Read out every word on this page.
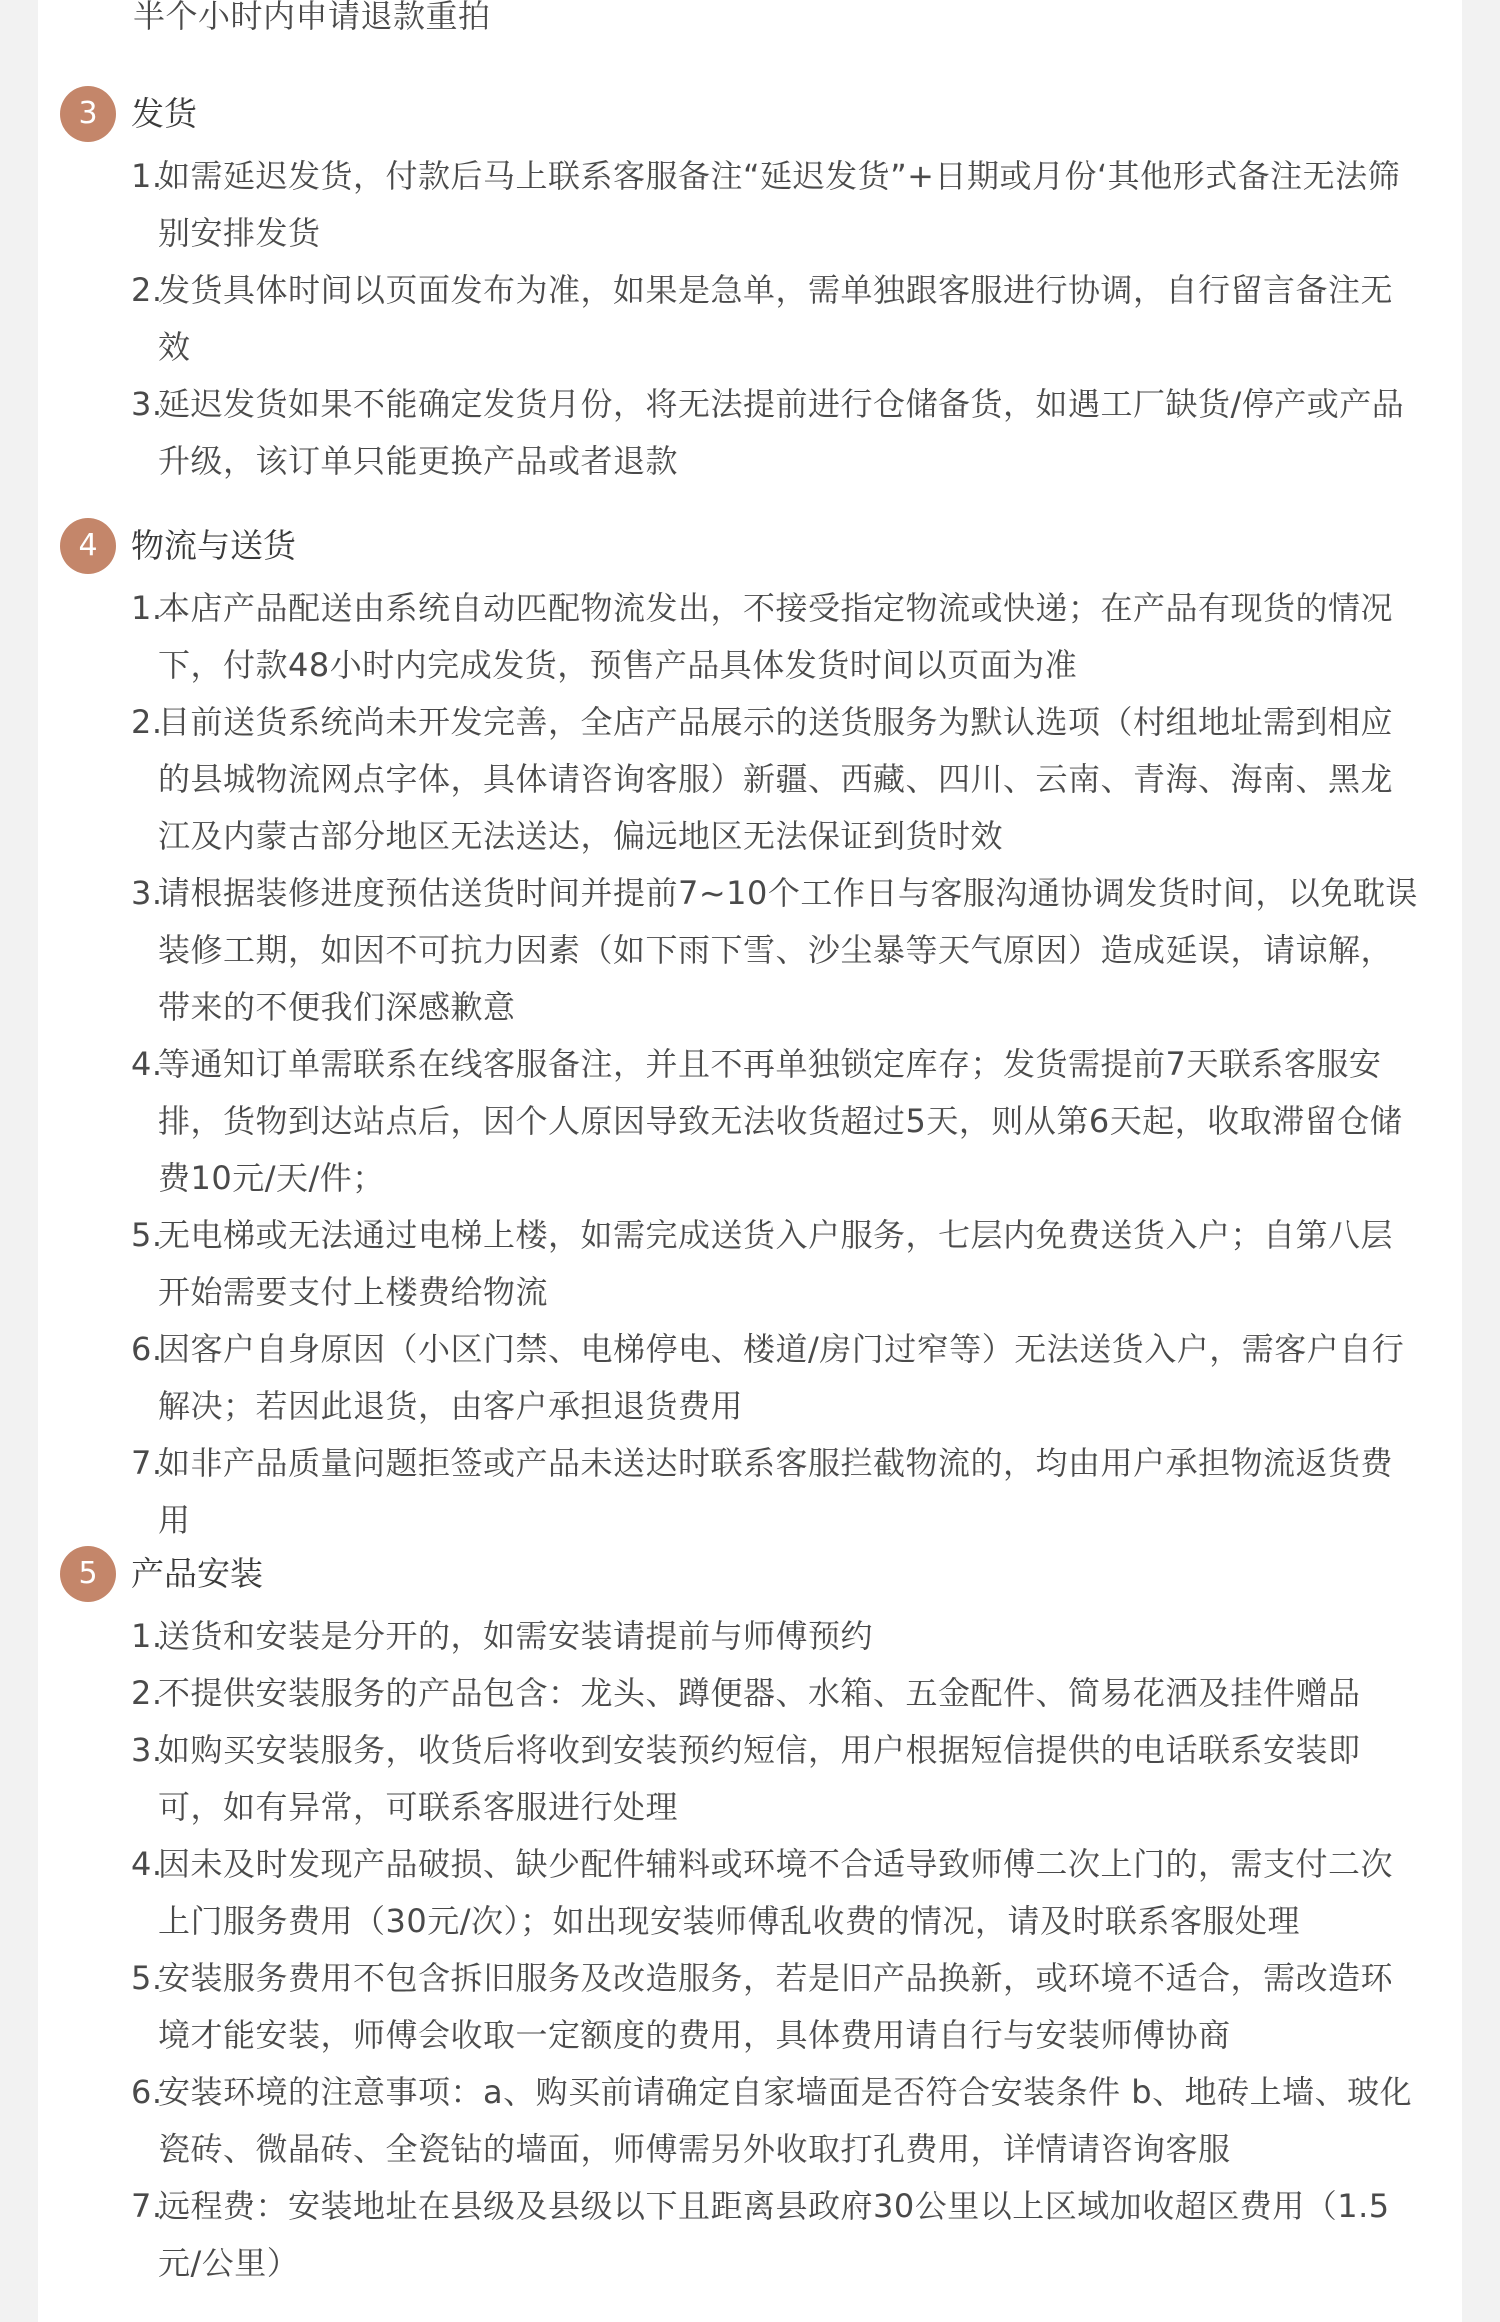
半个小时内申请退款重拍
3	发货
1.
如需延迟发货，付款后马上联系客服备注“延迟发货”+日期或月份‘其他形式备注无法筛别安排发货
2.
发货具体时间以页面发布为准，如果是急单，需单独跟客服进行协调，自行留言备注无效
3.
延迟发货如果不能确定发货月份，将无法提前进行仓储备货，如遇工厂缺货/停产或产品升级，该订单只能更换产品或者退款
4	物流与送货
1.
本店产品配送由系统自动匹配物流发出，不接受指定物流或快递；在产品有现货的情况下，付款48小时内完成发货，预售产品具体发货时间以页面为准
2.
目前送货系统尚未开发完善，全店产品展示的送货服务为默认选项（村组地址需到相应的县城物流网点字体，具体请咨询客服）新疆、西藏、四川、云南、青海、海南、黑龙江及内蒙古部分地区无法送达，偏远地区无法保证到货时效
3.
请根据装修进度预估送货时间并提前7~10个工作日与客服沟通协调发货时间，以免耽误装修工期，如因不可抗力因素（如下雨下雪、沙尘暴等天气原因）造成延误，请谅解，带来的不便我们深感歉意
4.
等通知订单需联系在线客服备注，并且不再单独锁定库存；发货需提前7天联系客服安排，货物到达站点后，因个人原因导致无法收货超过5天，则从第6天起，收取滞留仓储费10元/天/件；
5.
无电梯或无法通过电梯上楼，如需完成送货入户服务，七层内免费送货入户；自第八层开始需要支付上楼费给物流
6.
因客户自身原因（小区门禁、电梯停电、楼道/房门过窄等）无法送货入户，需客户自行解决；若因此退货，由客户承担退货费用
7.
如非产品质量问题拒签或产品未送达时联系客服拦截物流的，均由用户承担物流返货费用
5	产品安装
1.
送货和安装是分开的，如需安装请提前与师傅预约
2.
不提供安装服务的产品包含：龙头、蹲便器、水箱、五金配件、简易花洒及挂件赠品
3.
如购买安装服务，收货后将收到安装预约短信，用户根据短信提供的电话联系安装即可，如有异常，可联系客服进行处理
4.
因未及时发现产品破损、缺少配件辅料或环境不合适导致师傅二次上门的，需支付二次上门服务费用（30元/次）；如出现安装师傅乱收费的情况，请及时联系客服处理
5.
安装服务费用不包含拆旧服务及改造服务，若是旧产品换新，或环境不适合，需改造环境才能安装，师傅会收取一定额度的费用，具体费用请自行与安装师傅协商
6.
安装环境的注意事项：a、购买前请确定自家墙面是否符合安装条件 b、地砖上墙、玻化瓷砖、微晶砖、全瓷钻的墙面，师傅需另外收取打孔费用，详情请咨询客服
7.
远程费：安装地址在县级及县级以下且距离县政府30公里以上区域加收超区费用（1.5元/公里）
